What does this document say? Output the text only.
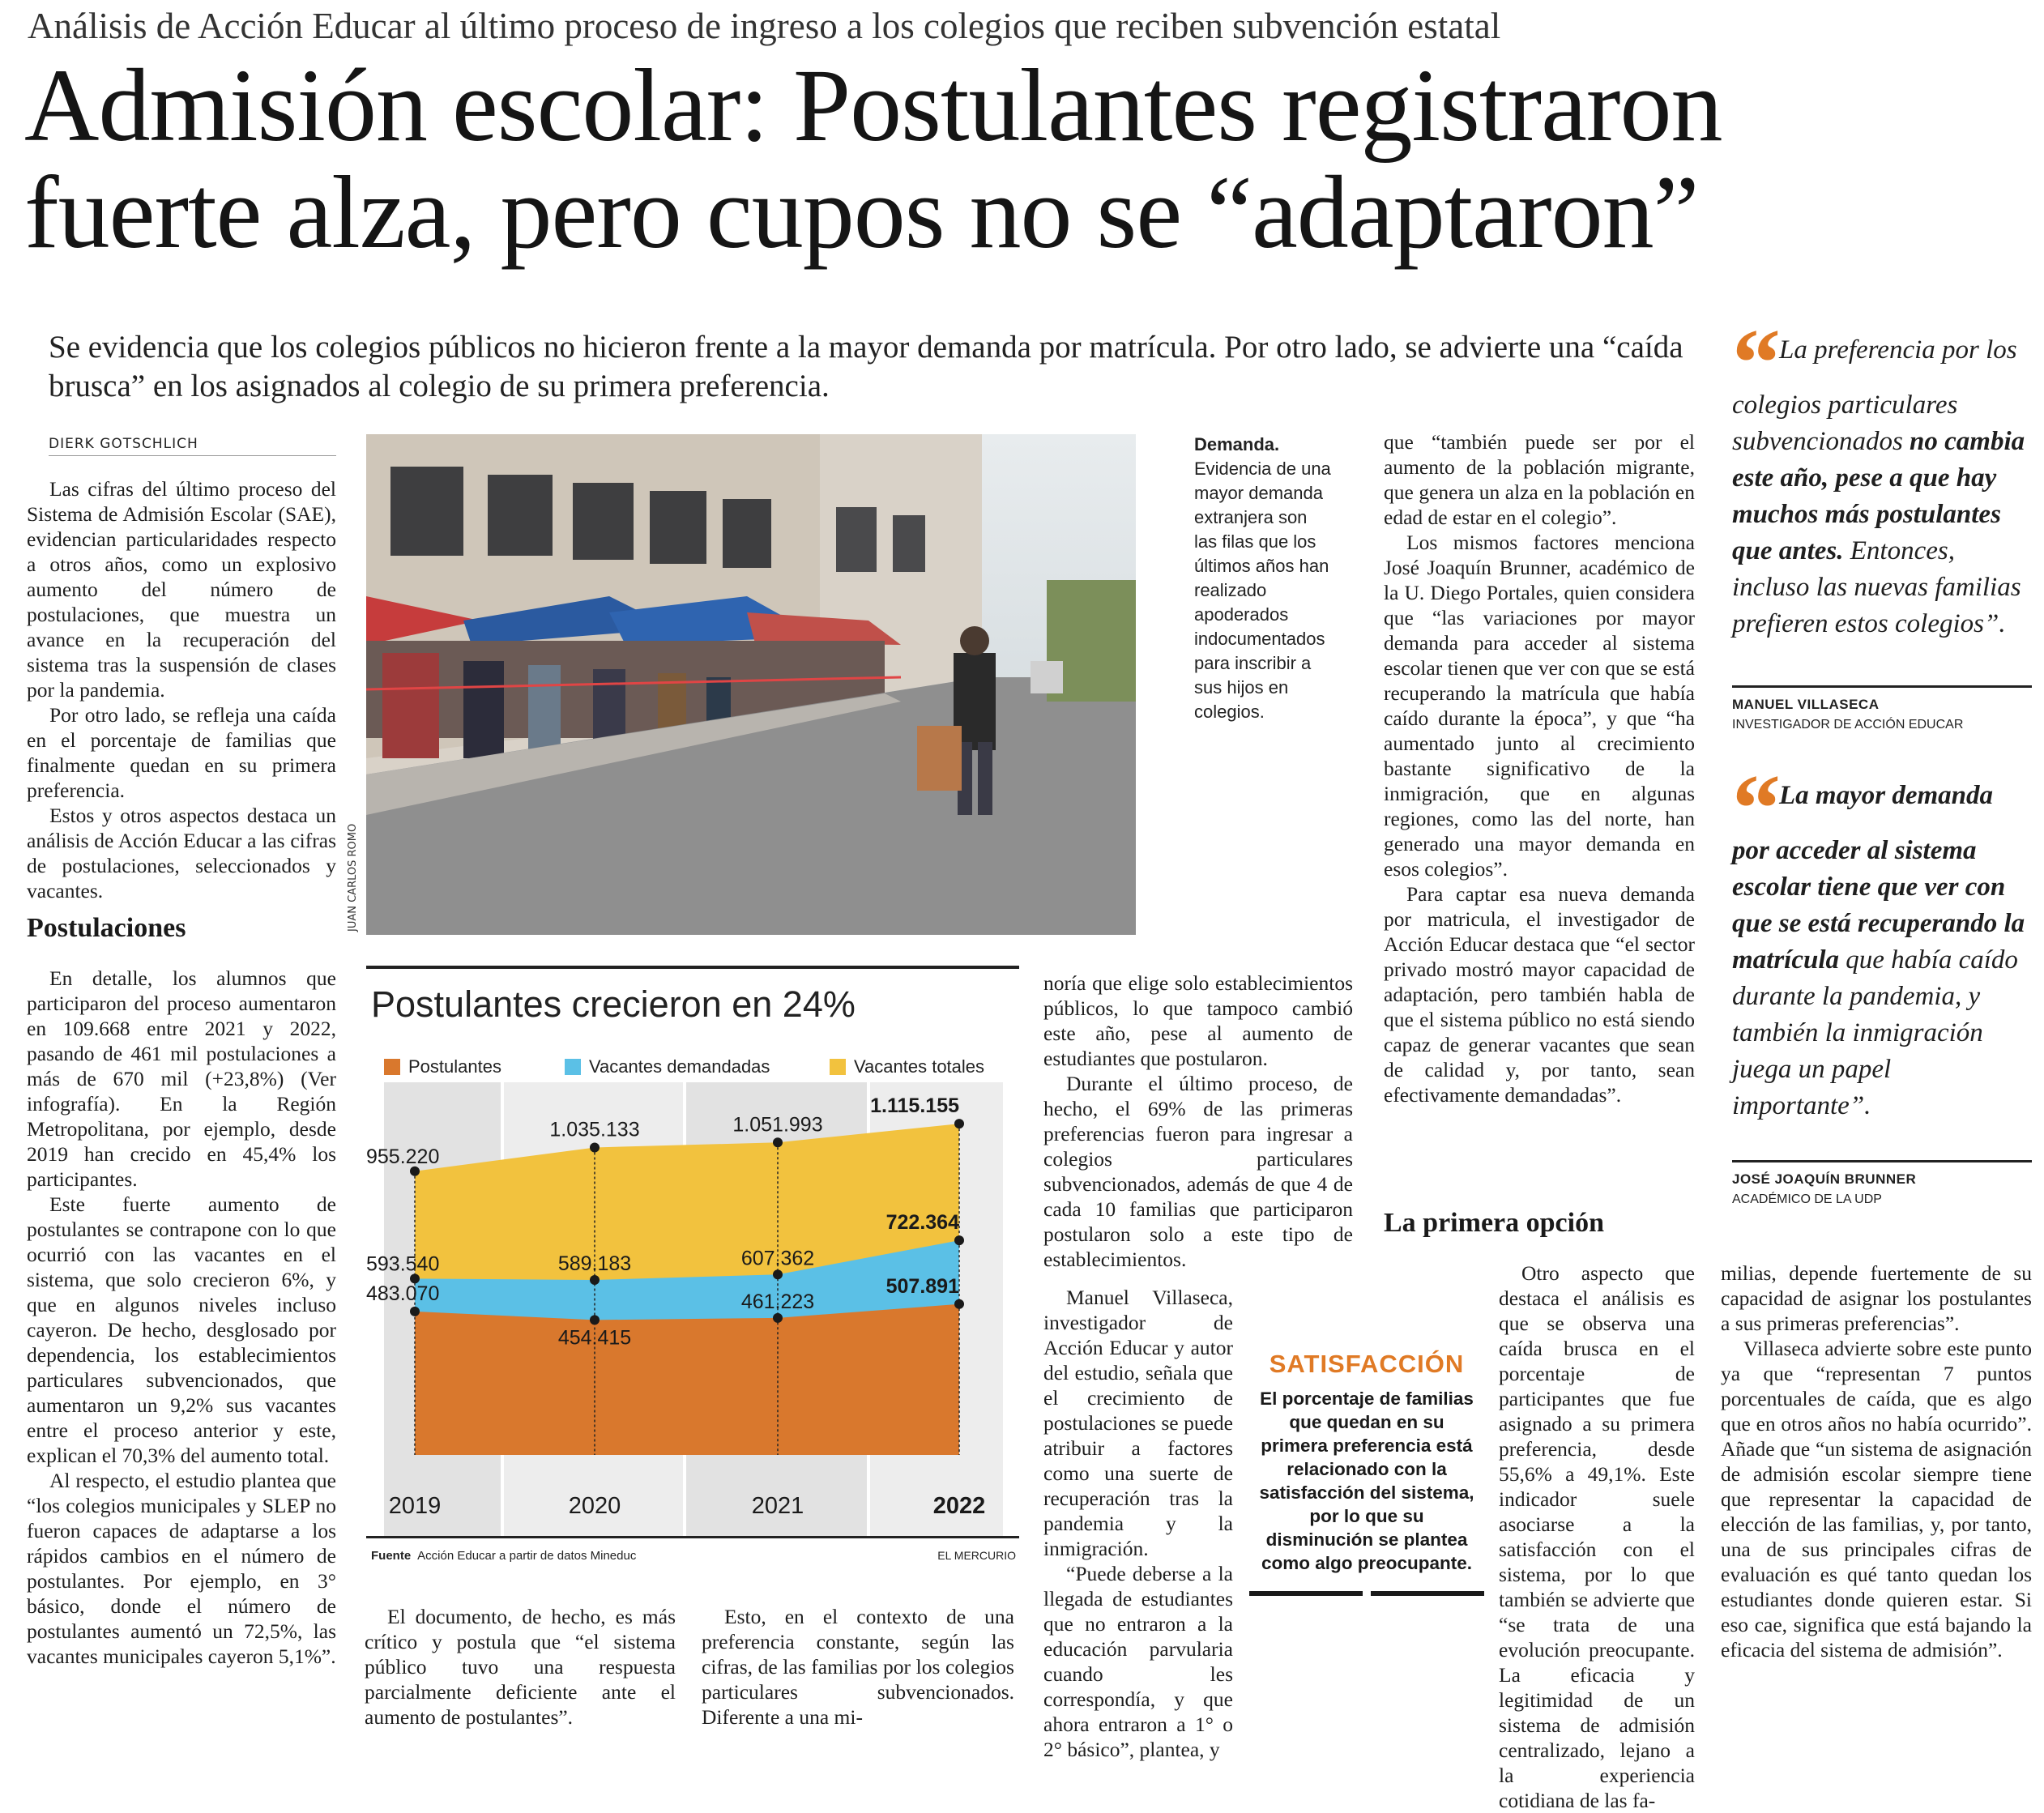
Análisis de Acción Educar al último proceso de ingreso a los colegios que reciben subvención estatal
Admisión escolar: Postulantes registraron
fuerte alza, pero cupos no se “adaptaron”
Se evidencia que los colegios públicos no hicieron frente a la mayor demanda por matrícula. Por otro lado, se advierte una “caída brusca” en los asignados al colegio de su primera preferencia.
DIERK GOTSCHLICH

Las cifras del último proceso del Sistema de Admisión Escolar (SAE), evidencian particularidades respecto a otros años, como un explosivo aumento del número de postulaciones, que muestra un avance en la recuperación del sistema tras la suspensión de clases por la pandemia.

Por otro lado, se refleja una caída en el porcentaje de familias que finalmente quedan en su primera preferencia.

Estos y otros aspectos destaca un análisis de Acción Educar a las cifras de postulaciones, seleccionados y vacantes.

Postulaciones

En detalle, los alumnos que participaron del proceso aumentaron en 109.668 entre 2021 y 2022, pasando de 461 mil postulaciones a más de 670 mil (+23,8%) (Ver infografía). En la Región Metropolitana, por ejemplo, desde 2019 han crecido en 45,4% los participantes.

Este fuerte aumento de postulantes se contrapone con lo que ocurrió con las vacantes en el sistema, que solo crecieron 6%, y que en algunos niveles incluso cayeron. De hecho, desglosado por dependencia, los establecimientos particulares subvencionados, que aumentaron un 9,2% sus vacantes entre el proceso anterior y este, explican el 70,3% del aumento total.

Al respecto, el estudio plantea que “los colegios municipales y SLEP no fueron capaces de adaptarse a los rápidos cambios en el número de postulantes. Por ejemplo, en 3° básico, donde el número de postulantes aumentó un 72,5%, las vacantes municipales cayeron 5,1%”.

JUAN CARLOS ROMO
Demanda. Evidencia de una mayor demanda extranjera son las filas que los últimos años han realizado apoderados indocumentados para inscribir a sus hijos en colegios.
Postulantes crecieron en 24%
Postulantes	Vacantes demandadas	Vacantes totales
483.070
454.415
461.223
507.891
593.540	589.183	607.362
722.364
955.220
1.035.133	1.051.993
1.115.155
2019	2020	2021	2022
Fuente Acción Educar a partir de datos Mineduc	EL MERCURIO

El documento, de hecho, es más crítico y postula que “el sistema público tuvo una respuesta parcialmente deficiente ante el aumento de postulantes”.

Esto, en el contexto de una preferencia constante, según las cifras, de las familias por los colegios particulares subvencionados. Diferente a una mi-

noría que elige solo establecimientos públicos, lo que tampoco cambió este año, pese al aumento de estudiantes que postularon.

Durante el último proceso, de hecho, el 69% de las primeras preferencias fueron para ingresar a colegios particulares subvencionados, además de que 4 de cada 10 familias que participaron postularon solo a este tipo de establecimientos.

Manuel Villaseca, investigador de Acción Educar y autor del estudio, señala que el crecimiento de postulaciones se puede atribuir a factores como una suerte de recuperación tras la pandemia y la inmigración.

“Puede deberse a la llegada de estudiantes que no entraron a la educación parvularia cuando les correspondía, y que ahora entraron a 1° o 2° básico”, plantea, y

SATISFACCIÓN
El porcentaje de familias que quedan en su primera preferencia está relacionado con la satisfacción del sistema, por lo que su disminución se plantea como algo preocupante.

que “también puede ser por el aumento de la población migrante, que genera un alza en la población en edad de estar en el colegio”.

Los mismos factores menciona José Joaquín Brunner, académico de la U. Diego Portales, quien considera que “las variaciones por mayor demanda para acceder al sistema escolar tienen que ver con que se está recuperando la matrícula que había caído durante la época”, y que “ha aumentado junto al crecimiento bastante significativo de la inmigración, que en algunas regiones, como las del norte, han generado una mayor demanda en esos colegios”.

Para captar esa nueva demanda por matricula, el investigador de Acción Educar destaca que “el sector privado mostró mayor capacidad de adaptación, pero también habla de que el sistema público no está siendo capaz de generar vacantes que sean de calidad y, por tanto, sean efectivamente demandadas”.

La primera opción

Otro aspecto que destaca el análisis es que se observa una caída brusca en el porcentaje de participantes que fue asignado a su primera preferencia, desde 55,6% a 49,1%. Este indicador suele asociarse a la satisfacción con el sistema, por lo que también se advierte que “se trata de una evolución preocupante. La eficacia y legitimidad de un sistema de admisión centralizado, lejano a la experiencia cotidiana de las fa-

“ La preferencia por los colegios particulares subvencionados no cambia este año, pese a que hay muchos más postulantes que antes. Entonces, incluso las nuevas familias prefieren estos colegios”.
MANUEL VILLASECA
INVESTIGADOR DE ACCIÓN EDUCAR
“ La mayor demanda por acceder al sistema escolar tiene que ver con que se está recuperando la matrícula que había caído durante la pandemia, y también la inmigración juega un papel importante”.
JOSÉ JOAQUÍN BRUNNER
ACADÉMICO DE LA UDP

milias, depende fuertemente de su capacidad de asignar los postulantes a sus primeras preferencias”.

Villaseca advierte sobre este punto ya que “representan 7 puntos porcentuales de caída, que es algo que en otros años no había ocurrido”. Añade que “un sistema de asignación de admisión escolar siempre tiene que representar la capacidad de elección de las familias, y, por tanto, una de sus principales cifras de evaluación es qué tanto quedan los estudiantes donde quieren estar. Si eso cae, significa que está bajando la eficacia del sistema de admisión”.
